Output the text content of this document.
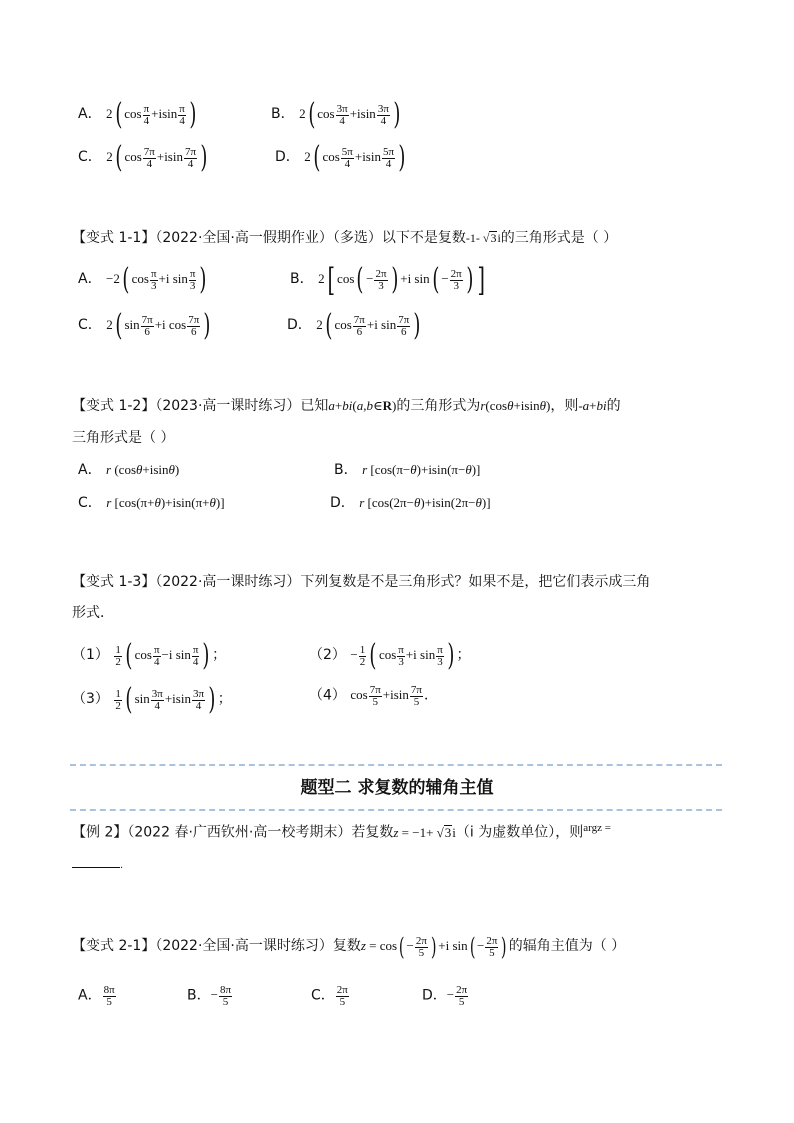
A． 2( $\cos \frac{\pi}{4} +isin \frac{\pi}{4}$ )	B． 2( $\cos \frac{3\pi}{4} +isin \frac{3\pi}{4}$ )
C． 2( $\cos \frac{7\pi}{4} +isin \frac{7\pi}{4}$ )	D． 2( $\cos \frac{5\pi}{4} +isin \frac{5\pi}{4}$ )
【变式 1-1】（2022·全国·高一假期作业）（多选）以下不是复数-1- √3i的三角形式是（ ）
A． −2( $\cos \frac{\pi}{3} +i$ $\sin \frac{\pi}{3}$ )	B． 2[ $\cos( - \frac{2\pi}{3}$ ) +i $\sin( - \frac{2\pi}{3}$ ) ]
C． 2( $\sin \frac{7\pi}{6} +i$ $\cos \frac{7\pi}{6}$ )	D． 2( $\cos \frac{7\pi}{6} +i$ $\sin \frac{7\pi}{6}$ )
【变式 1-2】（2023·高一课时练习）已知a+bi(a,b∈R)的三角形式为r(cosθ+isinθ)，则-a+bi的
三角形式是（ ）
A． r (cosθ+isinθ)	B． r [cos(π−θ)+isin(π−θ)]
C． r [cos(π+θ)+isin(π+θ)]	D． r [cos(2π−θ)+isin(2π−θ)]
【变式 1-3】（2022·高一课时练习）下列复数是不是三角形式？如果不是，把它们表示成三角
形式．
$(1) \frac{1}{2}$ ( $\cos \frac{\pi}{4} -i$ $\sin \frac{\pi}{4}$ ) ；	$(2) - \frac{1}{2}$ ( $\cos \frac{\pi}{3} +i$ $\sin \frac{\pi}{3}$ ) ；
$(3) \frac{1}{2}$ ( $\sin \frac{3\pi}{4} +isin \frac{3\pi}{4}$ ) ；	（4） $\cos \frac{7\pi}{5} +isin \frac{7\pi}{5}$ ．
题型二 求复数的辅角主值
【例 2】（2022 春·广西钦州·高一校考期末）若复数z = −1+ √3i（i 为虚数单位），则$^{argz =}$
.
【变式 2-1】（2022·全国·高一课时练习）复数$z = \cos( - \frac{2\pi}{5}$ ) +i $\sin( - \frac{2\pi}{5}$ ) 的辐角主值为（ ）
A． $\frac{8\pi}{5}$	B．− $\frac{8\pi}{5}$	C． $\frac{2\pi}{5}$	D．− $\frac{2\pi}{5}$
